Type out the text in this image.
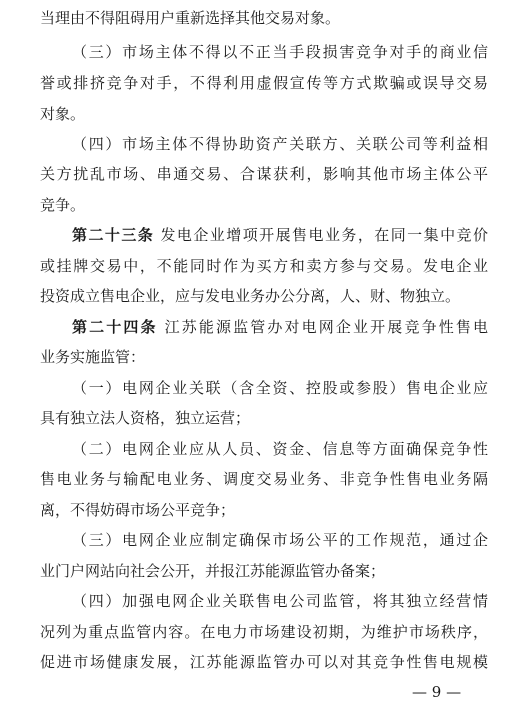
当理由不得阻碍用户重新选择其他交易对象。
（三）市场主体不得以不正当手段损害竞争对手的商业信
誉或排挤竞争对手，不得利用虚假宣传等方式欺骗或误导交易
对象。
（四）市场主体不得协助资产关联方、关联公司等利益相
关方扰乱市场、串通交易、合谋获利，影响其他市场主体公平
竞争。
第二十三条 发电企业增项开展售电业务，在同一集中竞价
或挂牌交易中，不能同时作为买方和卖方参与交易。发电企业
投资成立售电企业，应与发电业务办公分离，人、财、物独立。
第二十四条 江苏能源监管办对电网企业开展竞争性售电
业务实施监管：
（一）电网企业关联（含全资、控股或参股）售电企业应
具有独立法人资格，独立运营；
（二）电网企业应从人员、资金、信息等方面确保竞争性
售电业务与输配电业务、调度交易业务、非竞争性售电业务隔
离，不得妨碍市场公平竞争；
（三）电网企业应制定确保市场公平的工作规范，通过企
业门户网站向社会公开，并报江苏能源监管办备案；
（四）加强电网企业关联售电公司监管，将其独立经营情
况列为重点监管内容。在电力市场建设初期，为维护市场秩序，
促进市场健康发展，江苏能源监管办可以对其竞争性售电规模
— 9 —
